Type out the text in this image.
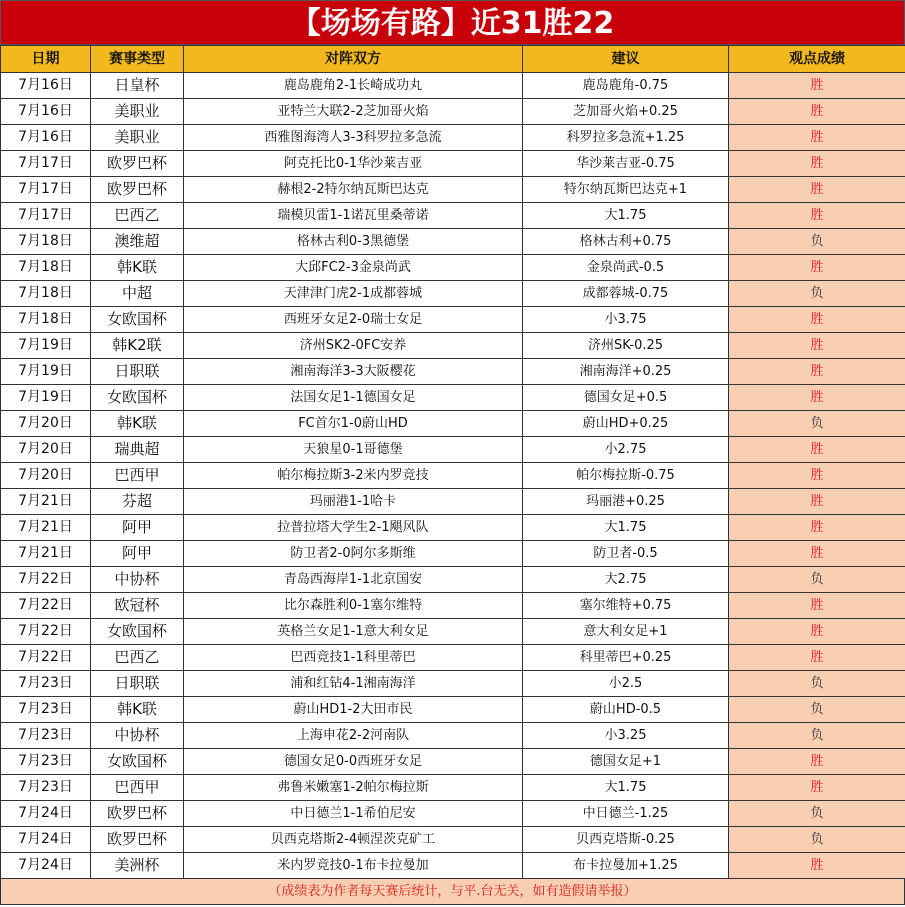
【场场有路】近31胜22
日期	赛事类型	对阵双方	建议	观点成绩
7月16日	日皇杯	鹿岛鹿角2-1长崎成功丸	鹿岛鹿角-0.75	胜
7月16日	美职业	亚特兰大联2-2芝加哥火焰	芝加哥火焰+0.25	胜
7月16日	美职业	西雅图海湾人3-3科罗拉多急流	科罗拉多急流+1.25	胜
7月17日	欧罗巴杯	阿克托比0-1华沙莱吉亚	华沙莱吉亚-0.75	胜
7月17日	欧罗巴杯	赫根2-2特尔纳瓦斯巴达克	特尔纳瓦斯巴达克+1	胜
7月17日	巴西乙	瑞模贝雷1-1诺瓦里桑蒂诺	大1.75	胜
7月18日	澳维超	格林古利0-3黑德堡	格林古利+0.75	负
7月18日	韩K联	大邱FC2-3金泉尚武	金泉尚武-0.5	胜
7月18日	中超	天津津门虎2-1成都蓉城	成都蓉城-0.75	负
7月18日	女欧国杯	西班牙女足2-0瑞士女足	小3.75	胜
7月19日	韩K2联	济州SK2-0FC安养	济州SK-0.25	胜
7月19日	日职联	湘南海洋3-3大阪樱花	湘南海洋+0.25	胜
7月19日	女欧国杯	法国女足1-1德国女足	德国女足+0.5	胜
7月20日	韩K联	FC首尔1-0蔚山HD	蔚山HD+0.25	负
7月20日	瑞典超	天狼星0-1哥德堡	小2.75	胜
7月20日	巴西甲	帕尔梅拉斯3-2米内罗竞技	帕尔梅拉斯-0.75	胜
7月21日	芬超	玛丽港1-1哈卡	玛丽港+0.25	胜
7月21日	阿甲	拉普拉塔大学生2-1飓风队	大1.75	胜
7月21日	阿甲	防卫者2-0阿尔多斯维	防卫者-0.5	胜
7月22日	中协杯	青岛西海岸1-1北京国安	大2.75	负
7月22日	欧冠杯	比尔森胜利0-1塞尔维特	塞尔维特+0.75	胜
7月22日	女欧国杯	英格兰女足1-1意大利女足	意大利女足+1	胜
7月22日	巴西乙	巴西竞技1-1科里蒂巴	科里蒂巴+0.25	胜
7月23日	日职联	浦和红钻4-1湘南海洋	小2.5	负
7月23日	韩K联	蔚山HD1-2大田市民	蔚山HD-0.5	负
7月23日	中协杯	上海申花2-2河南队	小3.25	负
7月23日	女欧国杯	德国女足0-0西班牙女足	德国女足+1	胜
7月23日	巴西甲	弗鲁米嫩塞1-2帕尔梅拉斯	大1.75	胜
7月24日	欧罗巴杯	中日德兰1-1希伯尼安	中日德兰-1.25	负
7月24日	欧罗巴杯	贝西克塔斯2-4顿涅茨克矿工	贝西克塔斯-0.25	负
7月24日	美洲杯	米内罗竞技0-1布卡拉曼加	布卡拉曼加+1.25	胜
（成绩表为作者每天赛后统计，与平.台无关，如有造假请举报）
